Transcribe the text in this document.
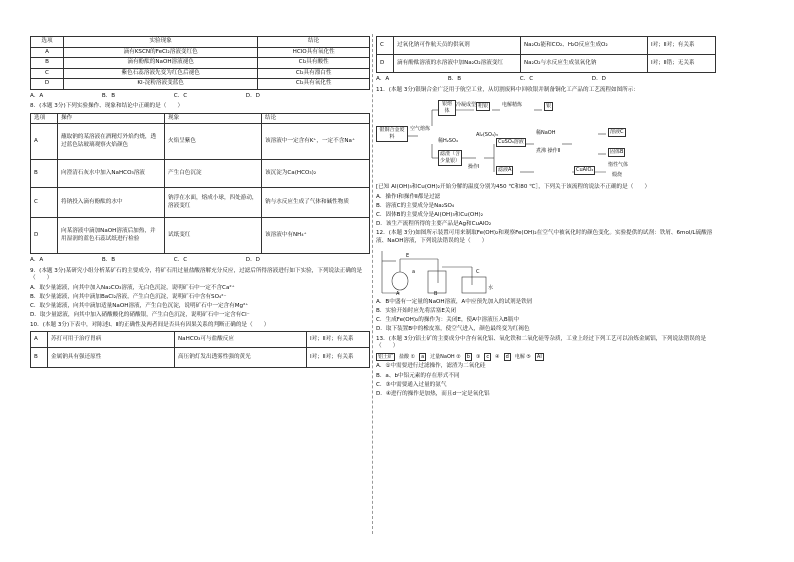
选项	实验现象	结论
A	滴有KSCN的FeCl₂溶液变红色	HClO具有氧化性
B	滴有酚酞的NaOH溶液褪色	Cl₂具有酸性
C	紫色石蕊溶液先变为红色后褪色	Cl₂具有漂白性
D	KI-淀粉溶液变蓝色	Cl₂具有氧化性
A．A	B．B	C．C	D．D
8．(本题 3分)下列实验操作、现象和结论中正确的是（　　）
选项	操作	现象	结论
A	蘸取钠的某溶液在酒精灯外焰灼烧，透过蓝色钴玻璃观察火焰颜色	火焰呈紫色	该溶液中一定含有K⁺，一定不含Na⁺
B	向澄清石灰水中加入NaHCO₃溶液	产生白色沉淀	该沉淀为Ca(HCO₃)₂
C	将钠投入滴有酚酞的水中	钠浮在水面，熔成小球，四处游动，溶液变红	钠与水反应生成了气体和碱性物质
D	向某溶液中滴加NaOH溶液后加热，并用湿润的蓝色石蕊试纸进行检验	试纸变红	该溶液中有NH₄⁺
A．A	B．B	C．C	D．D
9．(本题 3分)某研究小组分析某矿石的主要成分，将矿石用过量盐酸溶解充分反应，过滤后所得溶液进行如下实验，下列说法正确的是（　　）
A．取少量滤液，向其中加入Na₂CO₃溶液，无白色沉淀，说明矿石中一定不含Ca²⁺
B．取少量滤液，向其中滴加BaCl₂溶液，产生白色沉淀，说明矿石中含有SO₄²⁻
C．取少量滤液，向其中滴加适量NaOH溶液，产生白色沉淀，说明矿石中一定含有Mg²⁺
D．取少量滤液，向其中加入硝酸酸化的硝酸银，产生白色沉淀，说明矿石中一定含有Cl⁻
10．(本题 3分)下表中，对陈述Ⅰ、Ⅱ的正确性及两者间是否具有因果关系的判断正确的是（　　）
A	苏打可用于治疗胃病	NaHCO₃可与盐酸反应	Ⅰ对；Ⅱ对；有关系
B	金属钠具有强还原性	高压钠灯发出透雾性强的黄光	Ⅰ对；Ⅱ对；有关系
C	过氧化钠可作航天员的供氧剂	Na₂O₂能和CO₂、H₂O反应生成O₂	Ⅰ对；Ⅱ对；有关系
D	滴有酚酞溶液的水溶液中加Na₂O₂溶液变红	Na₂O₂与水反应生成氢氧化钠	Ⅰ对；Ⅱ错；无关系
A．A	B．B	C．C	D．D
11．(本题 3分)银铜合金广泛用于航空工业，从切割废料中回收银并制备铜化工产品的工艺流程如图所示：
银铜合金废料
空气熔炼
银熔体
冷凝成型 粗银	电解精炼	银
稀H₂SO₄
滤渣（含少量银）
Al₂(SO₄)₃
CuSO₄溶液
操作Ⅰ	滤液A
稀NaOH
煮沸 操作Ⅱ
溶液C
固体B
CuAlO₂
惰性气体
煅烧
[已知 Al(OH)₃和Cu(OH)₂开始分解的温度分别为450 ℃和80 ℃］，下列关于该流程的说法不正确的是（　　）
A．操作Ⅰ和操作Ⅱ都是过滤
B．溶液C的主要成分是Na₂SO₄
C．固体B的主要成分是Al(OH)₃和Cu(OH)₂
D．该生产流程所得的主要产品是Ag和CuAlO₂
12．(本题 3分)如图所示装置可用来制取Fe(OH)₂和观察Fe(OH)₂在空气中被氧化时的颜色变化。实验提供的试剂：铁屑、6mol/L硫酸溶液、NaOH溶液，下列说法错误的是（　　）
E
a
A	B
C
水
A．B中盛有一定量的NaOH溶液，A中应预先加入的试剂是铁屑
B．实验开始时应先将活塞E关闭
C．生成Fe(OH)₂的操作为：关闭E，使A中溶液压入B瓶中
D．取下装置B中的橡皮塞，使空气进入，颜色最终变为红褐色
13．(本题 3分)铝土矿的主要成分中含有氧化铝、氧化铁和二氧化硅等杂质，工业上经过下列工艺可以冶炼金属铝，下列说法错误的是（　　）
铝土矿	盐酸 ①	a	过量NaOH ②	b	③	c	④	d	电解 ⑤	Al
A．①中需要进行过滤操作，滤渣为二氧化硅
B．a、b中铝元素的存在形式不同
C．③中需要通入过量的氨气
D．④进行的操作是加热，而且d一定是氧化铝
